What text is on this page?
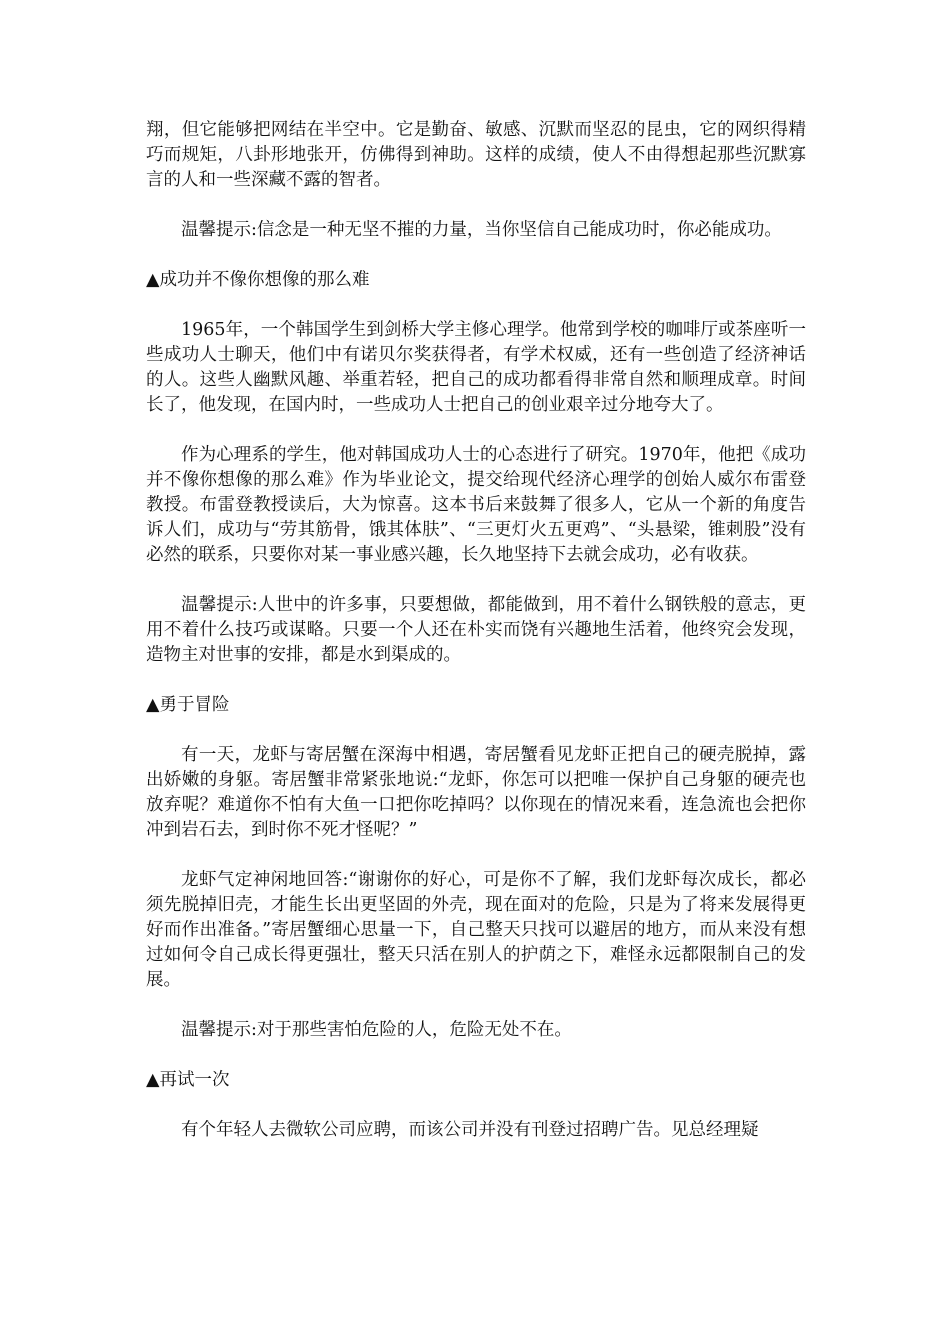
翔，但它能够把网结在半空中。它是勤奋、敏感、沉默而坚忍的昆虫，它的网织得精巧而规矩，八卦形地张开，仿佛得到神助。这样的成绩，使人不由得想起那些沉默寡言的人和一些深藏不露的智者。

温馨提示:信念是一种无坚不摧的力量，当你坚信自己能成功时，你必能成功。

▲成功并不像你想像的那么难

1965年，一个韩国学生到剑桥大学主修心理学。他常到学校的咖啡厅或茶座听一些成功人士聊天，他们中有诺贝尔奖获得者，有学术权威，还有一些创造了经济神话的人。这些人幽默风趣、举重若轻，把自己的成功都看得非常自然和顺理成章。时间长了，他发现，在国内时，一些成功人士把自己的创业艰辛过分地夸大了。

作为心理系的学生，他对韩国成功人士的心态进行了研究。1970年，他把《成功并不像你想像的那么难》作为毕业论文，提交给现代经济心理学的创始人威尔布雷登教授。布雷登教授读后，大为惊喜。这本书后来鼓舞了很多人，它从一个新的角度告诉人们，成功与“劳其筋骨，饿其体肤”、“三更灯火五更鸡”、“头悬梁，锥刺股”没有必然的联系，只要你对某一事业感兴趣，长久地坚持下去就会成功，必有收获。

温馨提示:人世中的许多事，只要想做，都能做到，用不着什么钢铁般的意志，更用不着什么技巧或谋略。只要一个人还在朴实而饶有兴趣地生活着，他终究会发现，造物主对世事的安排，都是水到渠成的。

▲勇于冒险

有一天，龙虾与寄居蟹在深海中相遇，寄居蟹看见龙虾正把自己的硬壳脱掉，露出娇嫩的身躯。寄居蟹非常紧张地说:“龙虾，你怎可以把唯一保护自己身躯的硬壳也放弃呢？难道你不怕有大鱼一口把你吃掉吗？以你现在的情况来看，连急流也会把你冲到岩石去，到时你不死才怪呢？”

龙虾气定神闲地回答:“谢谢你的好心，可是你不了解，我们龙虾每次成长，都必须先脱掉旧壳，才能生长出更坚固的外壳，现在面对的危险，只是为了将来发展得更好而作出准备。”寄居蟹细心思量一下，自己整天只找可以避居的地方，而从来没有想过如何令自己成长得更强壮，整天只活在别人的护荫之下，难怪永远都限制自己的发展。

温馨提示:对于那些害怕危险的人，危险无处不在。

▲再试一次

有个年轻人去微软公司应聘，而该公司并没有刊登过招聘广告。见总经理疑
